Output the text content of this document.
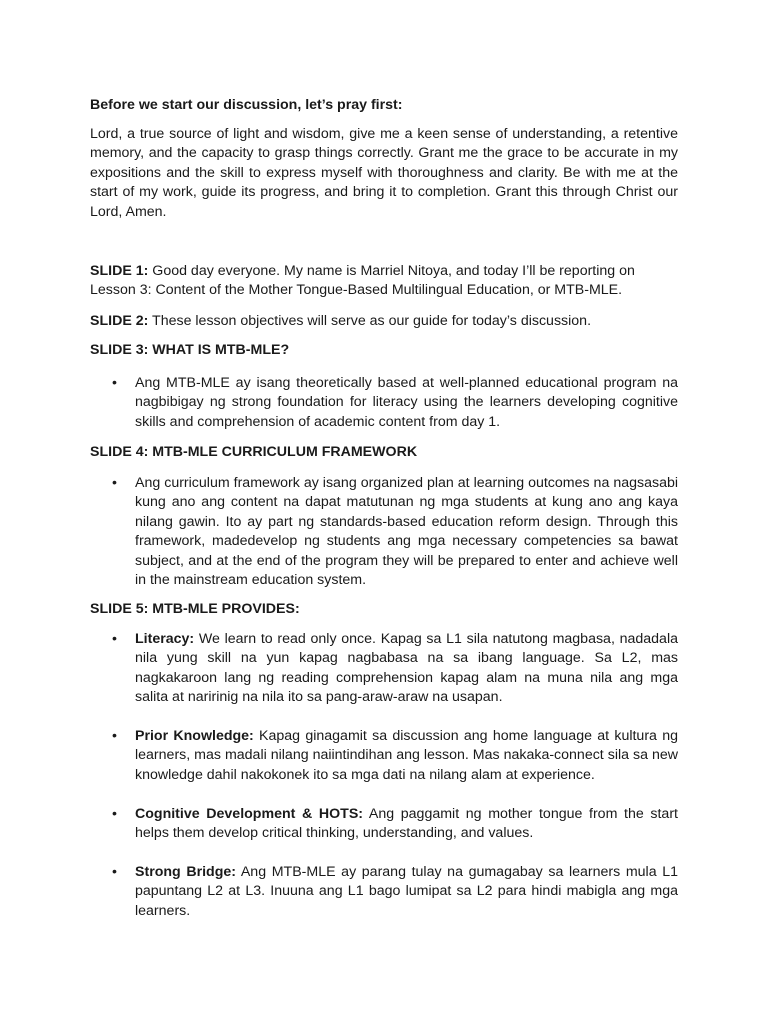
Before we start our discussion, let’s pray first:
Lord, a true source of light and wisdom, give me a keen sense of understanding, a retentive memory, and the capacity to grasp things correctly. Grant me the grace to be accurate in my expositions and the skill to express myself with thoroughness and clarity. Be with me at the start of my work, guide its progress, and bring it to completion. Grant this through Christ our Lord, Amen.
SLIDE 1: Good day everyone. My name is Marriel Nitoya, and today I’ll be reporting on Lesson 3: Content of the Mother Tongue-Based Multilingual Education, or MTB-MLE.
SLIDE 2: These lesson objectives will serve as our guide for today’s discussion.
SLIDE 3: WHAT IS MTB-MLE?
•	Ang MTB-MLE ay isang theoretically based at well-planned educational program na nagbibigay ng strong foundation for literacy using the learners developing cognitive skills and comprehension of academic content from day 1.
SLIDE 4: MTB-MLE CURRICULUM FRAMEWORK
•	Ang curriculum framework ay isang organized plan at learning outcomes na nagsasabi kung ano ang content na dapat matutunan ng mga students at kung ano ang kaya nilang gawin. Ito ay part ng standards-based education reform design. Through this framework, madedevelop ng students ang mga necessary competencies sa bawat subject, and at the end of the program they will be prepared to enter and achieve well in the mainstream education system.
SLIDE 5: MTB-MLE PROVIDES:
•	Literacy: We learn to read only once. Kapag sa L1 sila natutong magbasa, nadadala nila yung skill na yun kapag nagbabasa na sa ibang language. Sa L2, mas nagkakaroon lang ng reading comprehension kapag alam na muna nila ang mga salita at naririnig na nila ito sa pang-araw-araw na usapan.
•	Prior Knowledge: Kapag ginagamit sa discussion ang home language at kultura ng learners, mas madali nilang naiintindihan ang lesson. Mas nakaka-connect sila sa new knowledge dahil nakokonek ito sa mga dati na nilang alam at experience.
•	Cognitive Development & HOTS: Ang paggamit ng mother tongue from the start helps them develop critical thinking, understanding, and values.
•	Strong Bridge: Ang MTB-MLE ay parang tulay na gumagabay sa learners mula L1 papuntang L2 at L3. Inuuna ang L1 bago lumipat sa L2 para hindi mabigla ang mga learners.
